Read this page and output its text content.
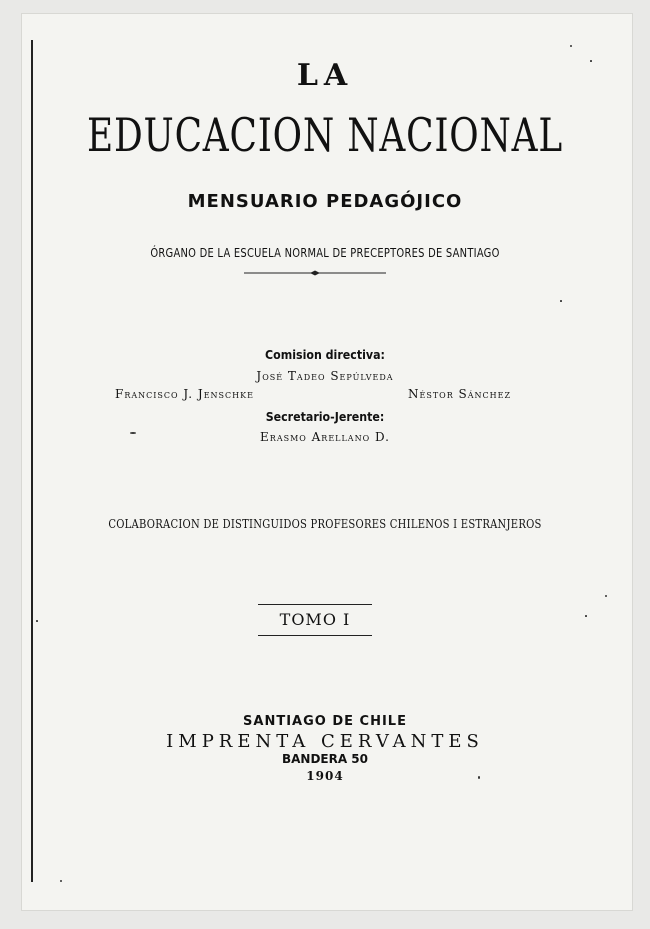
LA
EDUCACION NACIONAL
MENSUARIO PEDAGÓJICO
ÓRGANO DE LA ESCUELA NORMAL DE PRECEPTORES DE SANTIAGO
Comision directiva:
José Tadeo Sepúlveda
Francisco J. Jenschke	Néstor Sánchez
Secretario-Jerente:
Erasmo Arellano D.
COLABORACION DE DISTINGUIDOS PROFESORES CHILENOS I ESTRANJEROS
TOMO I
SANTIAGO DE CHILE
IMPRENTA CERVANTES
BANDERA 50
1904
